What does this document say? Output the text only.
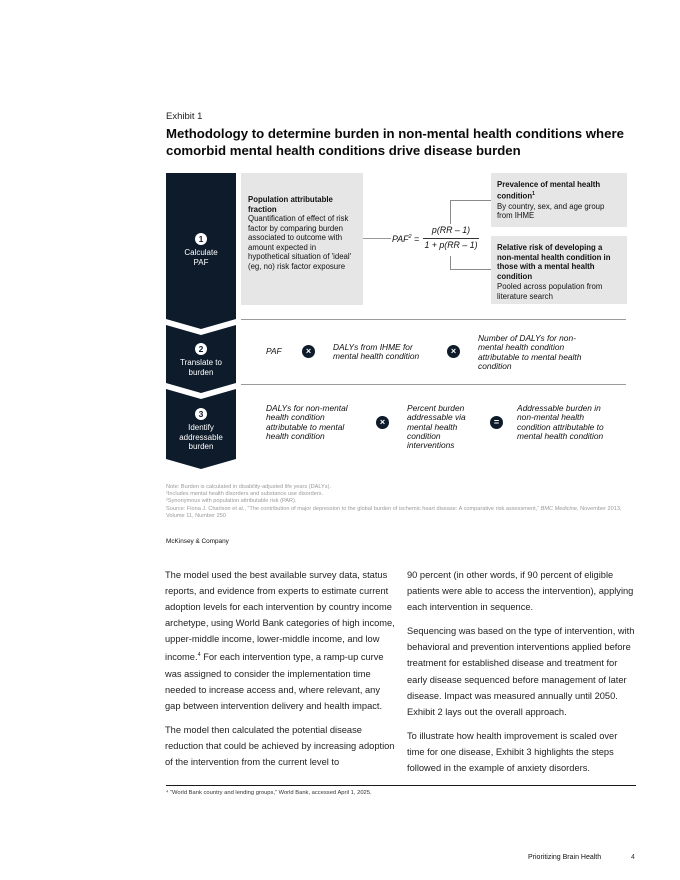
Exhibit 1
Methodology to determine burden in non-mental health conditions where comorbid mental health conditions drive disease burden
1
Calculate
PAF
2
Translate to
burden
3
Identify
addressable
burden
Population attributable fraction
Quantification of effect of risk factor by comparing burden associated to outcome with amount expected in hypothetical situation of 'ideal' (eg, no) risk factor exposure
$PAF^2$ =
p(RR – 1)
1 + p(RR – 1)
Prevalence of mental health condition$^1$
By country, sex, and age group from IHME
Relative risk of developing a non-mental health condition in those with a mental health condition
Pooled across population from literature search
PAF	×	DALYs from IHME for mental health condition
×
Number of DALYs for non-mental health condition attributable to mental health condition
DALYs for non-mental health condition attributable to mental health condition
×
Percent burden addressable via mental health condition interventions
=
Addressable burden in non-mental health condition attributable to mental health condition
Note: Burden is calculated in disability-adjusted life years (DALYs).
¹Includes mental health disorders and substance use disorders.
²Synonymous with population attributable risk (PAR).
Source: Fiona J. Charlson et al., “The contribution of major depression to the global burden of ischemic heart disease: A comparative risk assessment,” BMC Medicine, November 2013, Volume 11, Number 250
McKinsey & Company

The model used the best available survey data, status reports, and evidence from experts to estimate current adoption levels for each intervention by country income archetype, using World Bank categories of high income, upper-middle income, lower-middle income, and low income.$^4$ For each intervention type, a ramp-up curve was assigned to consider the implementation time needed to increase access and, where relevant, any gap between intervention delivery and health impact.

The model then calculated the potential disease reduction that could be achieved by increasing adoption of the intervention from the current level to

90 percent (in other words, if 90 percent of eligible patients were able to access the intervention), applying each intervention in sequence.

Sequencing was based on the type of intervention, with behavioral and prevention interventions applied before treatment for established disease and treatment for early disease sequenced before management of later disease. Impact was measured annually until 2050. Exhibit 2 lays out the overall approach.

To illustrate how health improvement is scaled over time for one disease, Exhibit 3 highlights the steps followed in the example of anxiety disorders.

⁴ “World Bank country and lending groups,” World Bank, accessed April 1, 2025.
Prioritizing Brain Health	4
